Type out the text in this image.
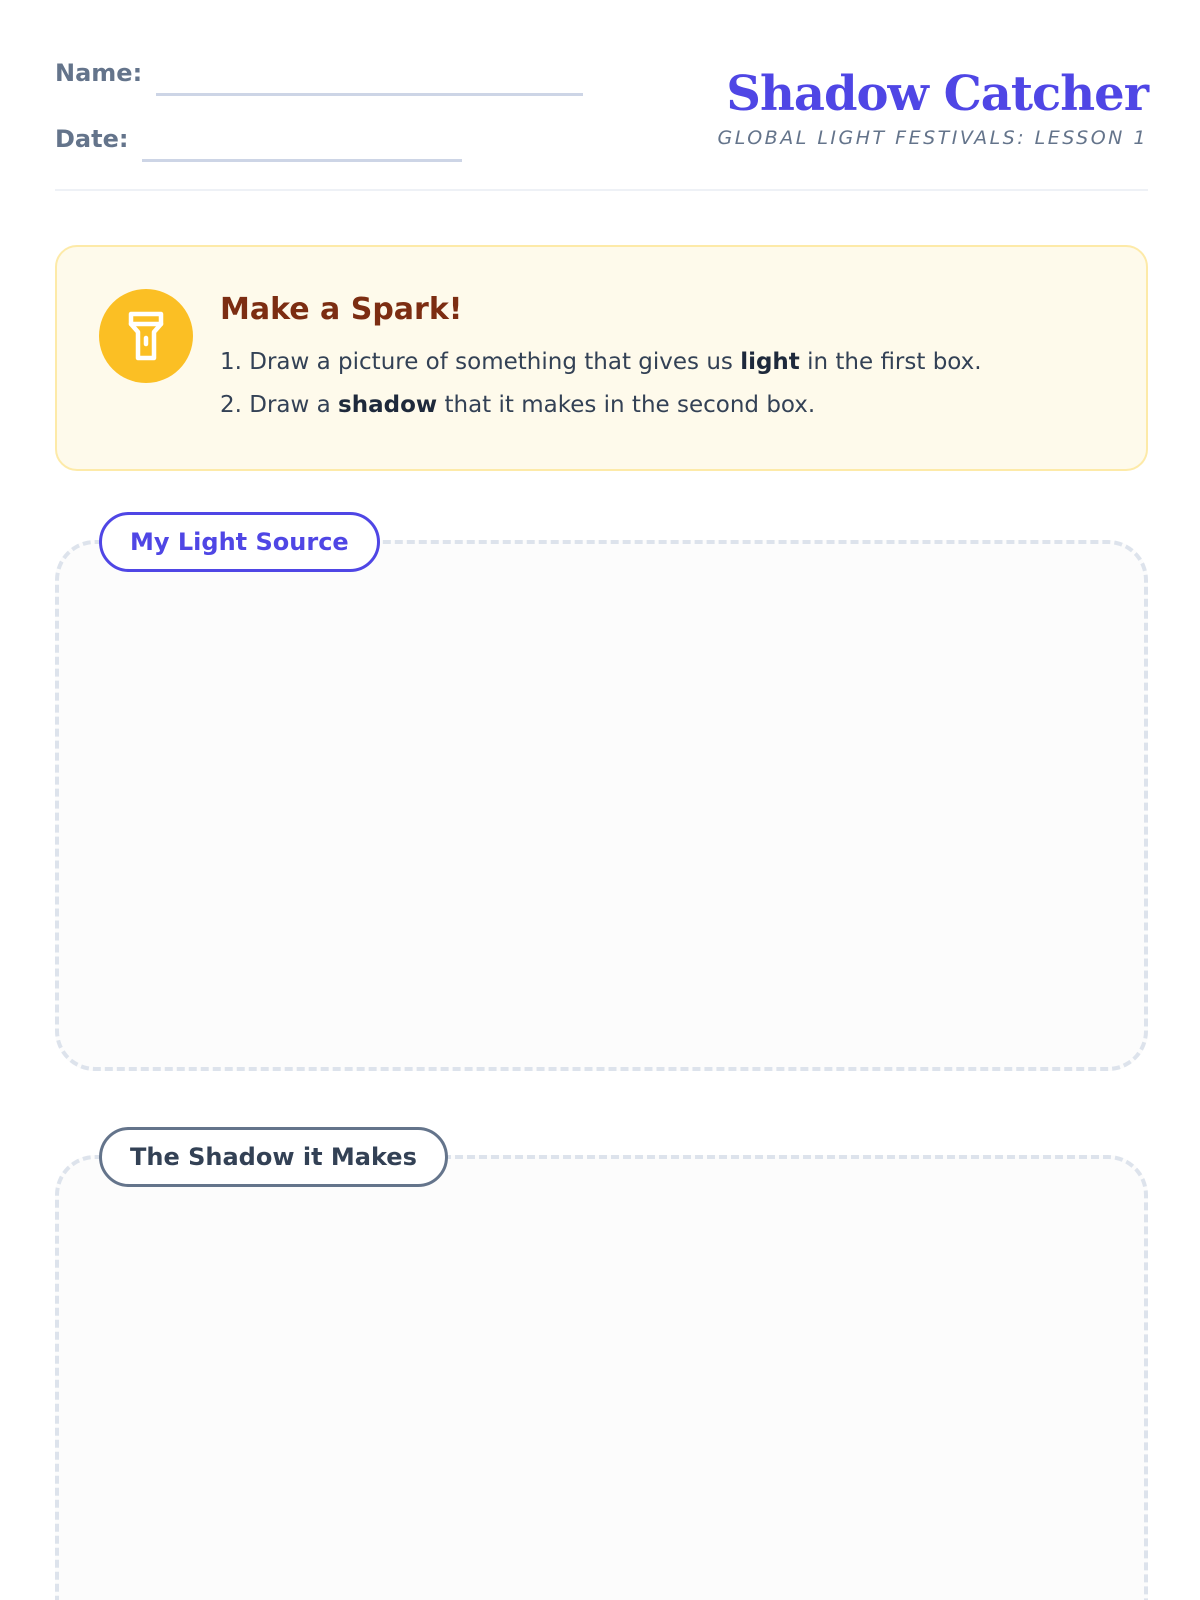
Name:
Date:
Shadow Catcher
GLOBAL LIGHT FESTIVALS: LESSON 1
Make a Spark!
1. Draw a picture of something that gives us light in the first box.
2. Draw a shadow that it makes in the second box.
My Light Source
The Shadow it Makes
